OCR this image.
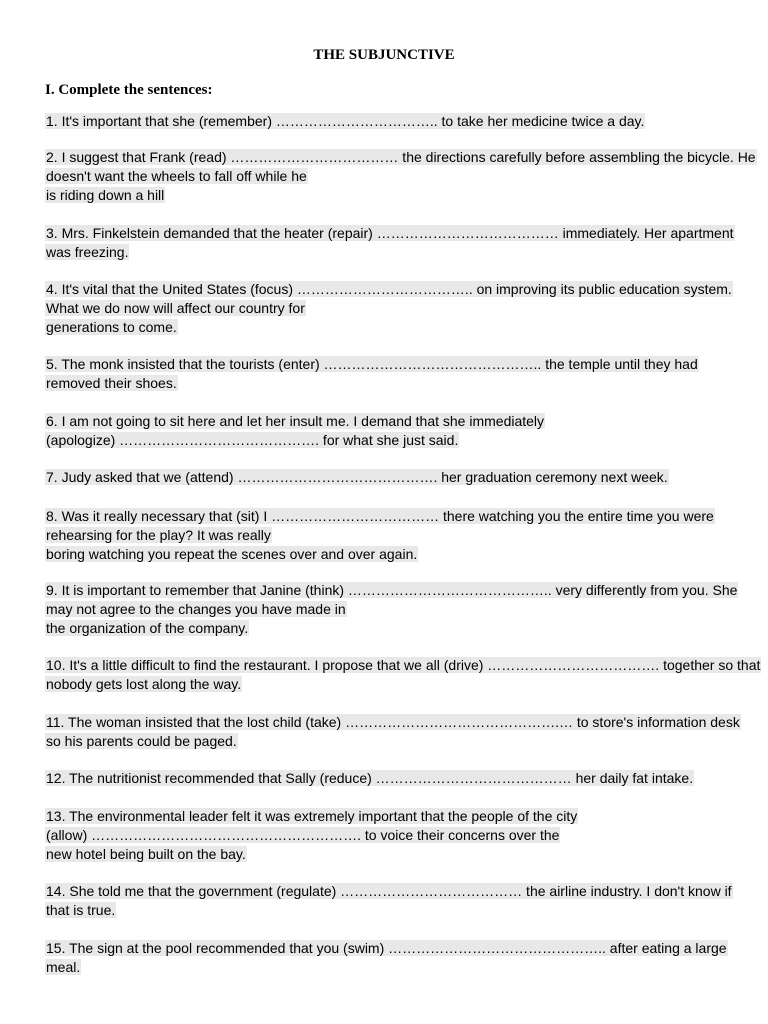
THE SUBJUNCTIVE
I. Complete the sentences:
1. It's important that she (remember) …………………………….. to take her medicine twice a day.
2. I suggest that Frank (read) ……………………………… the directions carefully before assembling the bicycle. He
doesn't want the wheels to fall off while he
is riding down a hill
3. Mrs. Finkelstein demanded that the heater (repair) ………………………………… immediately. Her apartment
was freezing.
4. It's vital that the United States (focus) ……………………………….. on improving its public education system.
What we do now will affect our country for
generations to come.
5. The monk insisted that the tourists (enter) ……………………………………….. the temple until they had
removed their shoes.
6. I am not going to sit here and let her insult me. I demand that she immediately
(apologize) ……………………………………. for what she just said.
7. Judy asked that we (attend) ……………………………………. her graduation ceremony next week.
8. Was it really necessary that (sit) I ……………………………… there watching you the entire time you were
rehearsing for the play? It was really
boring watching you repeat the scenes over and over again.
9. It is important to remember that Janine (think) …………………………………….. very differently from you. She
may not agree to the changes you have made in
the organization of the company.
10. It's a little difficult to find the restaurant. I propose that we all (drive) ………………………………. together so that
nobody gets lost along the way.
11. The woman insisted that the lost child (take) ……………………………………….… to store's information desk
so his parents could be paged.
12. The nutritionist recommended that Sally (reduce) …………………………………… her daily fat intake.
13. The environmental leader felt it was extremely important that the people of the city
(allow) …………………………………………………. to voice their concerns over the
new hotel being built on the bay.
14. She told me that the government (regulate) ………………………………… the airline industry. I don't know if
that is true.
15. The sign at the pool recommended that you (swim) ……………………………………….. after eating a large
meal.
